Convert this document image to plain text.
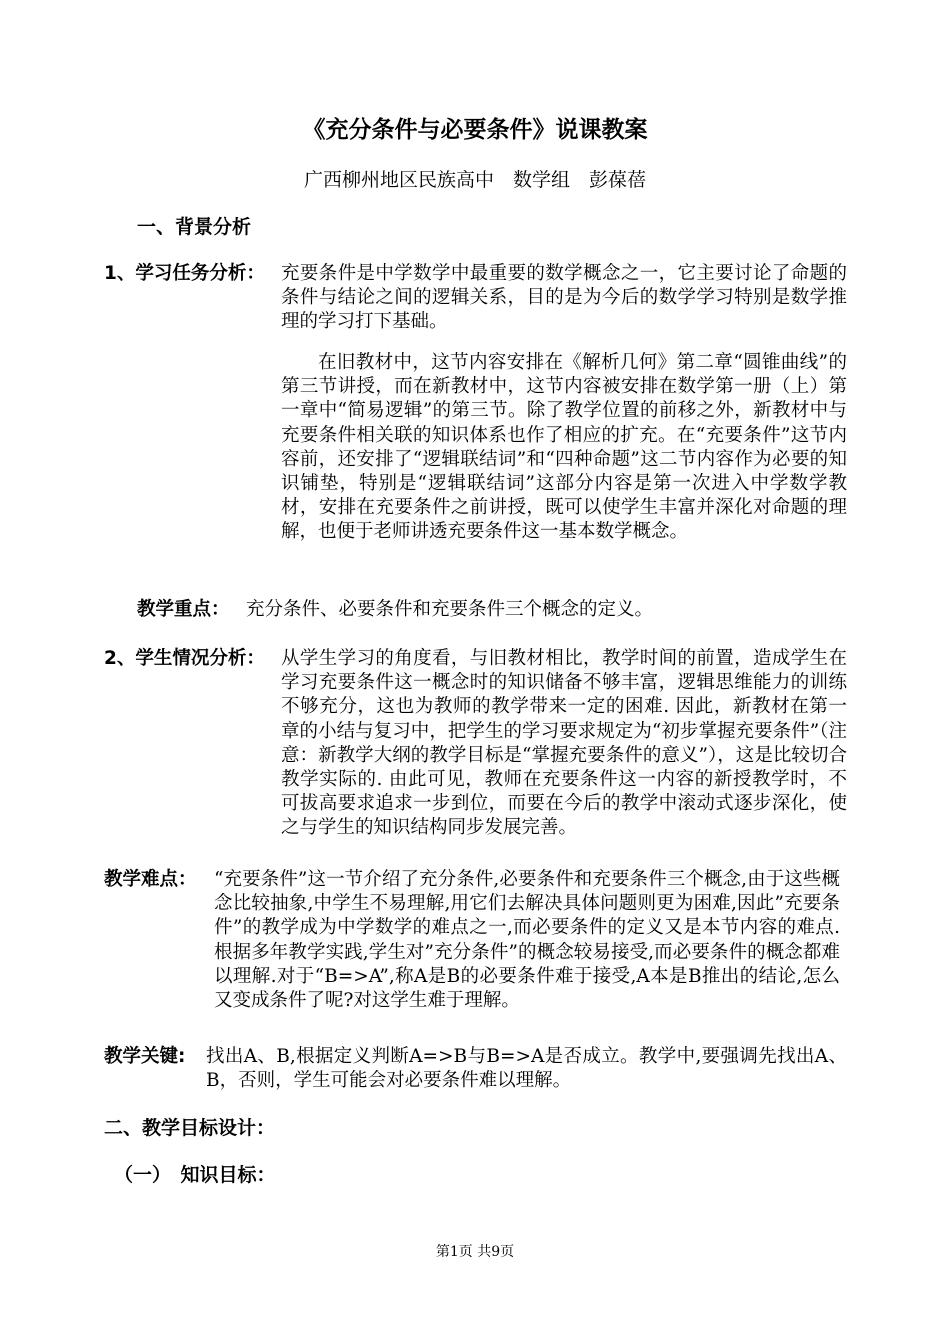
《充分条件与必要条件》说课教案
广西柳州地区民族高中　数学组　彭葆蓓
一、背景分析
1、学习任务分析： 充要条件是中学数学中最重要的数学概念之一，它主要讨论了命题的条件与结论之间的逻辑关系，目的是为今后的数学学习特别是数学推理的学习打下基础。
在旧教材中，这节内容安排在《解析几何》第二章“圆锥曲线”的第三节讲授，而在新教材中，这节内容被安排在数学第一册（上）第一章中“简易逻辑”的第三节。除了教学位置的前移之外，新教材中与充要条件相关联的知识体系也作了相应的扩充。在“充要条件”这节内容前，还安排了“逻辑联结词”和“四种命题”这二节内容作为必要的知识铺垫，特别是“逻辑联结词”这部分内容是第一次进入中学数学教材，安排在充要条件之前讲授，既可以使学生丰富并深化对命题的理解，也便于老师讲透充要条件这一基本数学概念。
教学重点： 充分条件、必要条件和充要条件三个概念的定义。
2、学生情况分析： 从学生学习的角度看，与旧教材相比，教学时间的前置，造成学生在学习充要条件这一概念时的知识储备不够丰富，逻辑思维能力的训练不够充分，这也为教师的教学带来一定的困难. 因此，新教材在第一章的小结与复习中，把学生的学习要求规定为“初步掌握充要条件”（注意：新教学大纲的教学目标是“掌握充要条件的意义”），这是比较切合教学实际的. 由此可见，教师在充要条件这一内容的新授教学时，不可拔高要求追求一步到位，而要在今后的教学中滚动式逐步深化，使之与学生的知识结构同步发展完善。
教学难点： “充要条件”这一节介绍了充分条件,必要条件和充要条件三个概念,由于这些概念比较抽象,中学生不易理解,用它们去解决具体问题则更为困难,因此”充要条件”的教学成为中学数学的难点之一,而必要条件的定义又是本节内容的难点.根据多年教学实践,学生对”充分条件”的概念较易接受,而必要条件的概念都难以理解.对于“B=>A”,称A是B的必要条件难于接受,A本是B推出的结论,怎么又变成条件了呢?对这学生难于理解。
教学关键: 找出A、B,根据定义判断A=>B与B=>A是否成立。教学中,要强调先找出A、B，否则，学生可能会对必要条件难以理解。
二、教学目标设计：
（一）　知识目标：
第1页 共9页
